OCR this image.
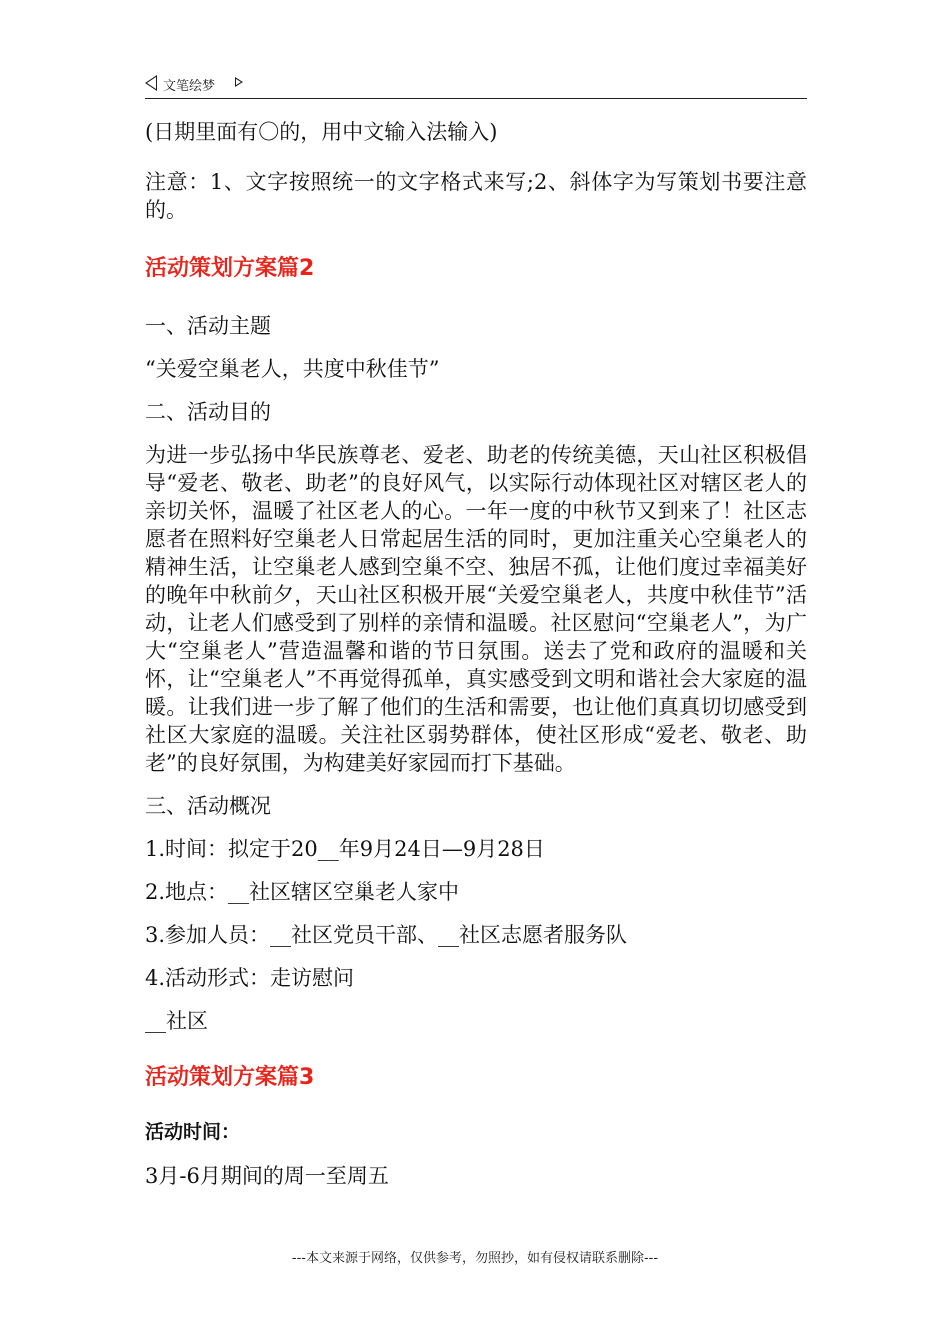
文笔绘梦

(日期里面有〇的，用中文输入法输入)

注意：1、文字按照统一的文字格式来写;2、斜体字为写策划书要注意的。

活动策划方案篇2

一、活动主题

“关爱空巢老人，共度中秋佳节”

二、活动目的

为进一步弘扬中华民族尊老、爱老、助老的传统美德，天山社区积极倡导“爱老、敬老、助老”的良好风气，以实际行动体现社区对辖区老人的亲切关怀，温暖了社区老人的心。一年一度的中秋节又到来了！社区志愿者在照料好空巢老人日常起居生活的同时，更加注重关心空巢老人的精神生活，让空巢老人感到空巢不空、独居不孤，让他们度过幸福美好的晚年中秋前夕，天山社区积极开展“关爱空巢老人，共度中秋佳节”活动，让老人们感受到了别样的亲情和温暖。社区慰问“空巢老人”，为广大“空巢老人”营造温馨和谐的节日氛围。送去了党和政府的温暖和关怀，让“空巢老人”不再觉得孤单，真实感受到文明和谐社会大家庭的温暖。让我们进一步了解了他们的生活和需要，也让他们真真切切感受到社区大家庭的温暖。关注社区弱势群体，使社区形成“爱老、敬老、助老”的良好氛围，为构建美好家园而打下基础。

三、活动概况

1.时间：拟定于20__年9月24日—9月28日

2.地点：__社区辖区空巢老人家中

3.参加人员：__社区党员干部、__社区志愿者服务队

4.活动形式：走访慰问

__社区

活动策划方案篇3

活动时间：

3月-6月期间的周一至周五

---本文来源于网络，仅供参考，勿照抄，如有侵权请联系删除---
